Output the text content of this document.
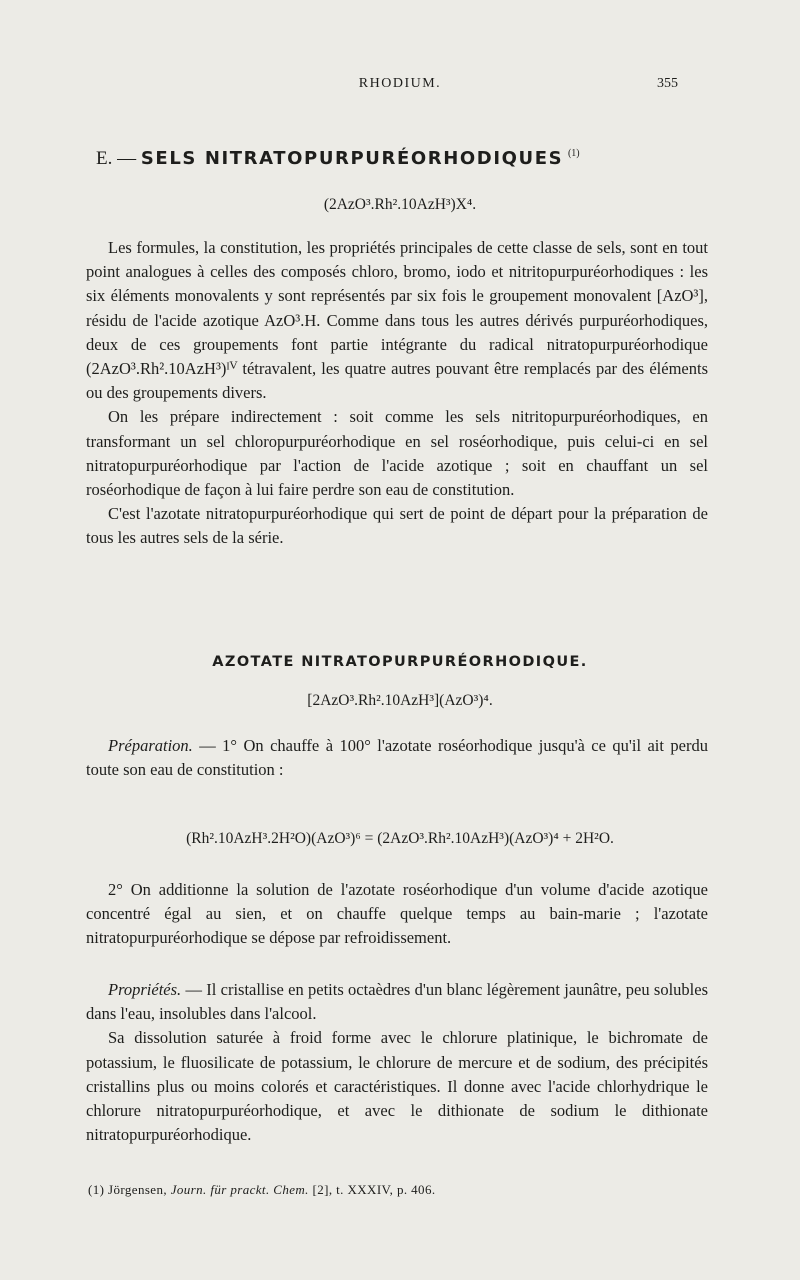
RHODIUM.	355
E. — SELS NITRATOPURPURÉORHODIQUES $^{(1)}$
(2AzO³.Rh².10AzH³)X⁴.

Les formules, la constitution, les propriétés principales de cette classe de sels, sont en tout point analogues à celles des composés chloro, bromo, iodo et nitritopurpuréorhodiques : les six éléments monovalents y sont représentés par six fois le groupement monovalent [AzO³], résidu de l'acide azotique AzO³.H. Comme dans tous les autres dérivés purpuréorhodiques, deux de ces groupements font partie intégrante du radical nitratopurpuréorhodique (2AzO³.Rh².10AzH³)ᴵⱽ tétravalent, les quatre autres pouvant être remplacés par des éléments ou des groupements divers.

On les prépare indirectement : soit comme les sels nitritopurpuréorhodiques, en transformant un sel chloropurpuréorhodique en sel roséorhodique, puis celui-ci en sel nitratopurpuréorhodique par l'action de l'acide azotique ; soit en chauffant un sel roséorhodique de façon à lui faire perdre son eau de constitution.

C'est l'azotate nitratopurpuréorhodique qui sert de point de départ pour la préparation de tous les autres sels de la série.

AZOTATE NITRATOPURPURÉORHODIQUE.
[2AzO³.Rh².10AzH³](AzO³)⁴.

Préparation. — 1° On chauffe à 100° l'azotate roséorhodique jusqu'à ce qu'il ait perdu toute son eau de constitution :

(Rh².10AzH³.2H²O)(AzO³)⁶ = (2AzO³.Rh².10AzH³)(AzO³)⁴ + 2H²O.

2° On additionne la solution de l'azotate roséorhodique d'un volume d'acide azotique concentré égal au sien, et on chauffe quelque temps au bain-marie ; l'azotate nitratopurpuréorhodique se dépose par refroidissement.

Propriétés. — Il cristallise en petits octaèdres d'un blanc légèrement jaunâtre, peu solubles dans l'eau, insolubles dans l'alcool.

Sa dissolution saturée à froid forme avec le chlorure platinique, le bichromate de potassium, le fluosilicate de potassium, le chlorure de mercure et de sodium, des précipités cristallins plus ou moins colorés et caractéristiques. Il donne avec l'acide chlorhydrique le chlorure nitratopurpuréorhodique, et avec le dithionate de sodium le dithionate nitratopurpuréorhodique.

(1) Jörgensen, Journ. für prackt. Chem. [2], t. XXXIV, p. 406.
